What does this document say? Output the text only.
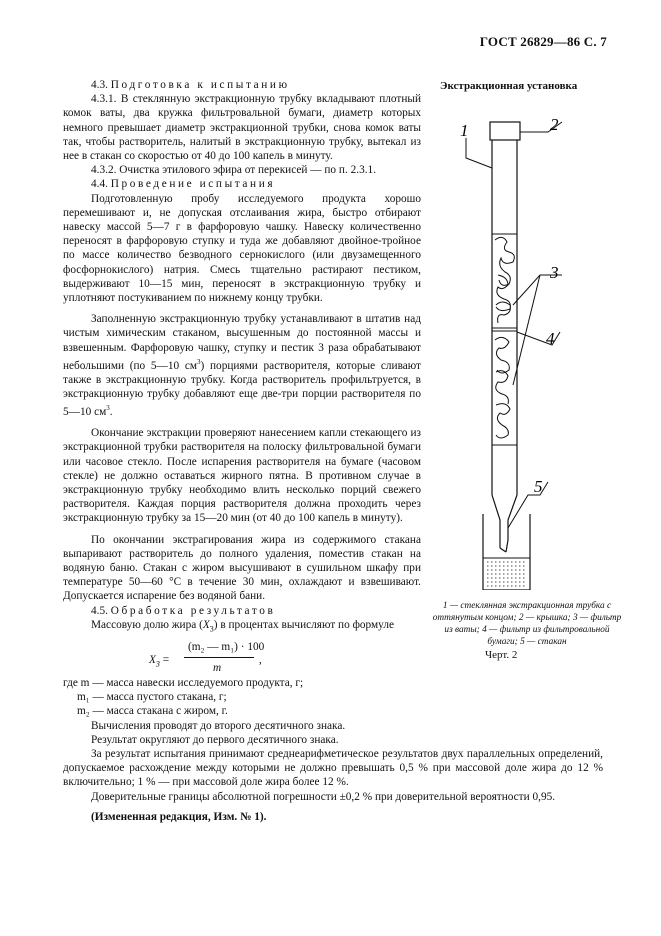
ГОСТ 26829—86 С. 7

4.3. Подготовка к испытанию

4.3.1. В стеклянную экстракционную трубку вкладывают плотный комок ваты, два кружка фильтровальной бумаги, диаметр которых немного превышает диаметр экстракционной трубки, снова комок ваты так, чтобы растворитель, налитый в экстракционную трубку, вытекал из нее в стакан со скоростью от 40 до 100 капель в минуту.

4.3.2. Очистка этилового эфира от перекисей — по п. 2.3.1.

4.4. Проведение испытания

Подготовленную пробу исследуемого продукта хорошо перемешивают и, не допуская отслаивания жира, быстро отбирают навеску массой 5—7 г в фарфоровую чашку. Навеску количественно переносят в фарфоровую ступку и туда же добавляют двойное-тройное по массе количество безводного сернокислого (или двузамещенного фосфорнокислого) натрия. Смесь тщательно растирают пестиком, выдерживают 10—15 мин, переносят в экстракционную трубку и уплотняют постукиванием по нижнему концу трубки.

Заполненную экстракционную трубку устанавливают в штатив над чистым химическим стаканом, высушенным до постоянной массы и взвешенным. Фарфоровую чашку, ступку и пестик 3 раза обрабатывают небольшими (по 5—10 $см^3$) порциями растворителя, которые сливают также в экстракционную трубку. Когда растворитель профильтруется, в экстракционную трубку добавляют еще две-три порции растворителя по 5—10 $см^3$.

Окончание экстракции проверяют нанесением капли стекающего из экстракционной трубки растворителя на полоску фильтровальной бумаги или часовое стекло. После испарения растворителя на бумаге (часовом стекле) не должно оставаться жирного пятна. В противном случае в экстракционную трубку необходимо влить несколько порций свежего растворителя. Каждая порция растворителя должна проходить через экстракционную трубку за 15—20 мин (от 40 до 100 капель в минуту).

По окончании экстрагирования жира из содержимого стакана выпаривают растворитель до полного удаления, поместив стакан на водяную баню. Стакан с жиром высушивают в сушильном шкафу при температуре 50—60 °С в течение 30 мин, охлаждают и взвешивают. Допускается испарение без водяной бани.

4.5. Обработка результатов

Массовую долю жира $(X_3)$ в процентах вычисляют по формуле

$X_3$ =
(m₂ — m₁) · 100
m
,

где m — масса навески исследуемого продукта, г;

m₁ — масса пустого стакана, г;

m₂ — масса стакана с жиром, г.

Вычисления проводят до второго десятичного знака.

Результат округляют до первого десятичного знака.

За результат испытания принимают среднеарифметическое результатов двух параллельных определений, допускаемое расхождение между которыми не должно превышать 0,5 % при массовой доле жира до 12 % включительно; 1 % — при массовой доле жира более 12 %.

Доверительные границы абсолютной погрешности ±0,2 % при доверительной вероятности 0,95.

(Измененная редакция, Изм. № 1).

Экстракционная установка
1	2
3
4
5
1 — стеклянная экстракционная трубка с оттянутым концом; 2 — крышка; 3 — фильтр из ваты; 4 — фильтр из фильтровальной бумаги; 5 — стакан
Черт. 2
